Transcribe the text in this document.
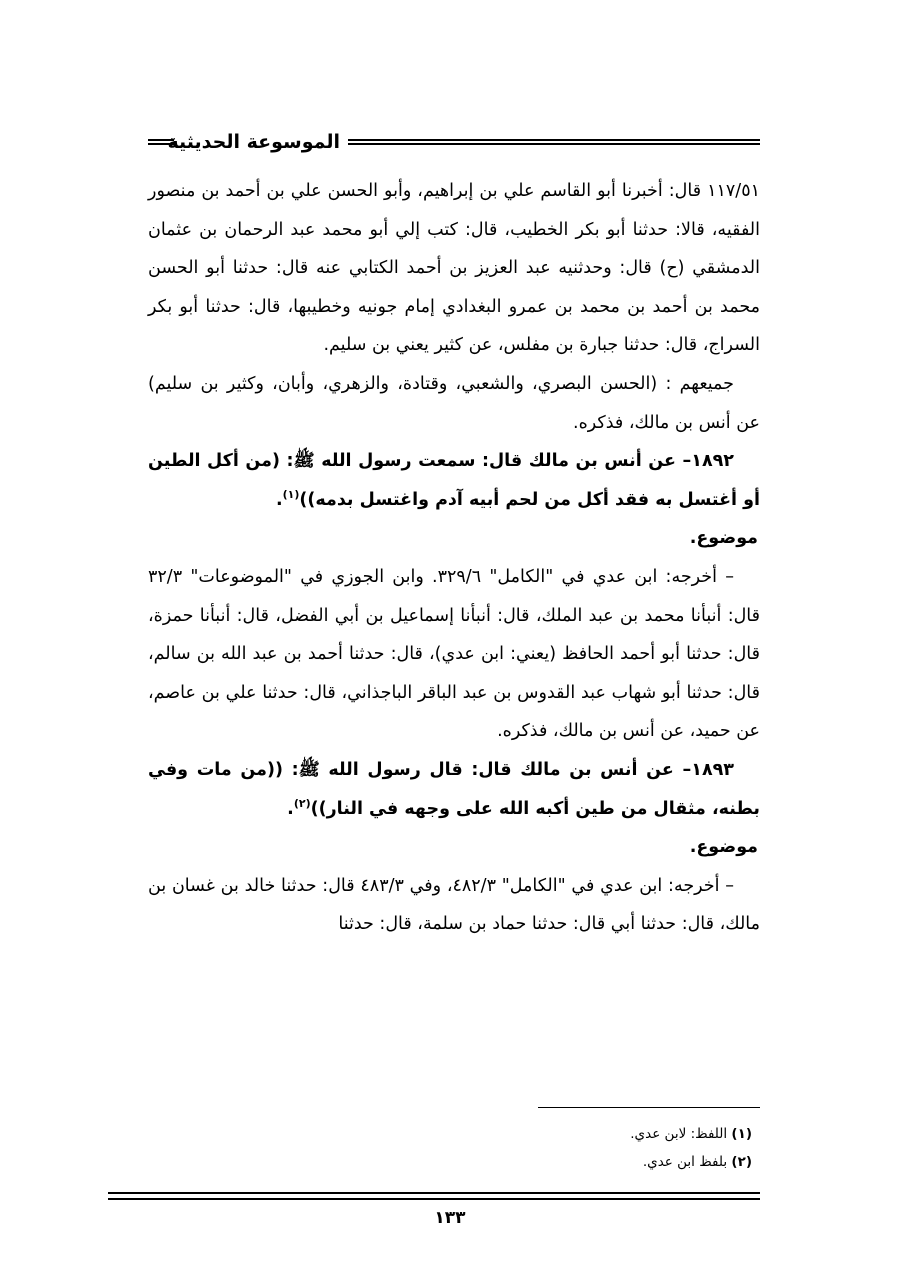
الموسوعة الحديثية

١١٧/٥١ قال: أخبرنا أبو القاسم علي بن إبراهيم، وأبو الحسن علي بن أحمد بن منصور الفقيه، قالا: حدثنا أبو بكر الخطيب، قال: كتب إلي أبو محمد عبد الرحمان بن عثمان الدمشقي (ح) قال: وحدثنيه عبد العزيز بن أحمد الكتابي عنه قال: حدثنا أبو الحسن محمد بن أحمد بن محمد بن عمرو البغدادي إمام جونيه وخطيبها، قال: حدثنا أبو بكر السراج، قال: حدثنا جبارة بن مفلس، عن كثير يعني بن سليم.

جميعهم : (الحسن البصري، والشعبي، وقتادة، والزهري، وأبان، وكثير بن سليم) عن أنس بن مالك، فذكره.

١٨٩٢– عن أنس بن مالك قال: سمعت رسول الله ﷺ: (من أكل الطين أو أغتسل به فقد أكل من لحم أبيه آدم واغتسل بدمه))$^{(١)}$.

موضوع.

– أخرجه: ابن عدي في "الكامل" ٣٢٩/٦. وابن الجوزي في "الموضوعات" ٣٢/٣ قال: أنبأنا محمد بن عبد الملك، قال: أنبأنا إسماعيل بن أبي الفضل، قال: أنبأنا حمزة، قال: حدثنا أبو أحمد الحافظ (يعني: ابن عدي)، قال: حدثنا أحمد بن عبد الله بن سالم، قال: حدثنا أبو شهاب عبد القدوس بن عبد الباقر الباجذاني، قال: حدثنا علي بن عاصم، عن حميد، عن أنس بن مالك، فذكره.

١٨٩٣– عن أنس بن مالك قال: قال رسول الله ﷺ: ((من مات وفي بطنه، مثقال من طين أكبه الله على وجهه في النار))$^{(٢)}$.

موضوع.

– أخرجه: ابن عدي في "الكامل" ٤٨٢/٣، وفي ٤٨٣/٣ قال: حدثنا خالد بن غسان بن مالك، قال: حدثنا أبي قال: حدثنا حماد بن سلمة، قال: حدثنا

(١) اللفظ: لابن عدي.
(٢) بلفظ ابن عدي.
١٣٣
